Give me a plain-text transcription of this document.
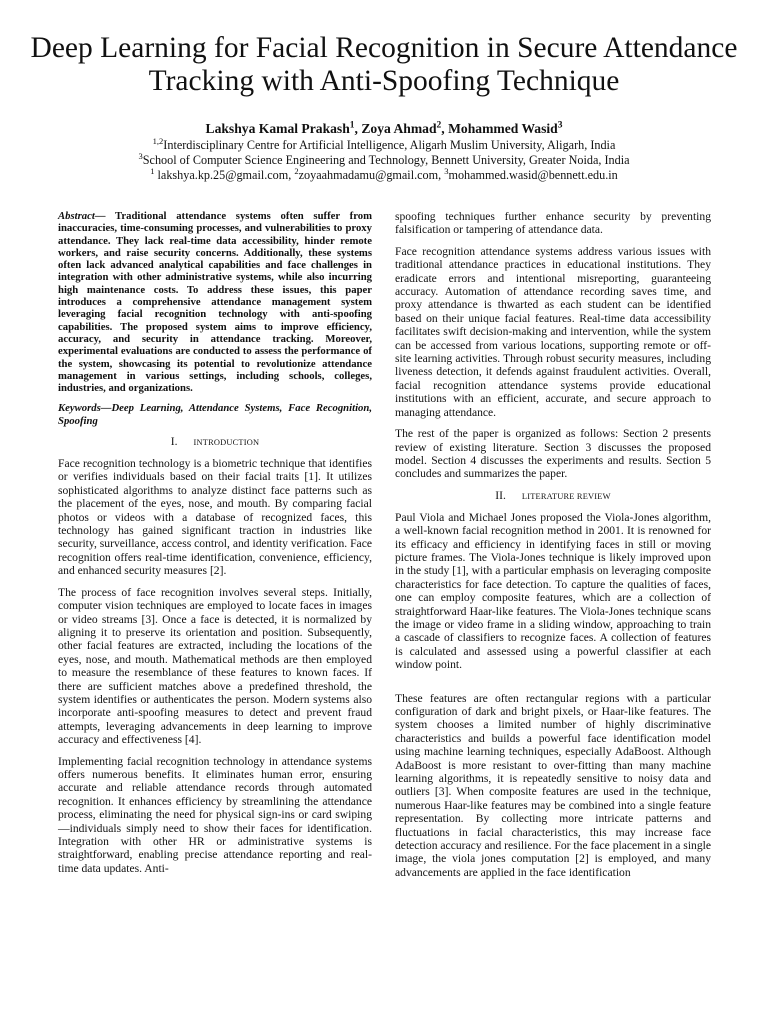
Deep Learning for Facial Recognition in Secure Attendance Tracking with Anti-Spoofing Technique
Lakshya Kamal Prakash$^1$, Zoya Ahmad$^2$, Mohammed Wasid$^3$
$^{1,2}$Interdisciplinary Centre for Artificial Intelligence, Aligarh Muslim University, Aligarh, India
$^3$School of Computer Science Engineering and Technology, Bennett University, Greater Noida, India
$^1$ lakshya.kp.25@gmail.com, $^2$zoyaahmadamu@gmail.com, $^3$mohammed.wasid@bennett.edu.in

Abstract— Traditional attendance systems often suffer from inaccuracies, time-consuming processes, and vulnerabilities to proxy attendance. They lack real-time data accessibility, hinder remote workers, and raise security concerns. Additionally, these systems often lack advanced analytical capabilities and face challenges in integration with other administrative systems, while also incurring high maintenance costs. To address these issues, this paper introduces a comprehensive attendance management system leveraging facial recognition technology with anti-spoofing capabilities. The proposed system aims to improve efficiency, accuracy, and security in attendance tracking. Moreover, experimental evaluations are conducted to assess the performance of the system, showcasing its potential to revolutionize attendance management in various settings, including schools, colleges, industries, and organizations.

Keywords—Deep Learning, Attendance Systems, Face Recognition, Spoofing

I. INTRODUCTION

Face recognition technology is a biometric technique that identifies or verifies individuals based on their facial traits [1]. It utilizes sophisticated algorithms to analyze distinct face patterns such as the placement of the eyes, nose, and mouth. By comparing facial photos or videos with a database of recognized faces, this technology has gained significant traction in industries like security, surveillance, access control, and identity verification. Face recognition offers real-time identification, convenience, efficiency, and enhanced security measures [2].

The process of face recognition involves several steps. Initially, computer vision techniques are employed to locate faces in images or video streams [3]. Once a face is detected, it is normalized by aligning it to preserve its orientation and position. Subsequently, other facial features are extracted, including the locations of the eyes, nose, and mouth. Mathematical methods are then employed to measure the resemblance of these features to known faces. If there are sufficient matches above a predefined threshold, the system identifies or authenticates the person. Modern systems also incorporate anti-spoofing measures to detect and prevent fraud attempts, leveraging advancements in deep learning to improve accuracy and effectiveness [4].

Implementing facial recognition technology in attendance systems offers numerous benefits. It eliminates human error, ensuring accurate and reliable attendance records through automated recognition. It enhances efficiency by streamlining the attendance process, eliminating the need for physical sign-ins or card swiping—individuals simply need to show their faces for identification. Integration with other HR or administrative systems is straightforward, enabling precise attendance reporting and real-time data updates. Anti-

spoofing techniques further enhance security by preventing falsification or tampering of attendance data.

Face recognition attendance systems address various issues with traditional attendance practices in educational institutions. They eradicate errors and intentional misreporting, guaranteeing accuracy. Automation of attendance recording saves time, and proxy attendance is thwarted as each student can be identified based on their unique facial features. Real-time data accessibility facilitates swift decision-making and intervention, while the system can be accessed from various locations, supporting remote or off-site learning activities. Through robust security measures, including liveness detection, it defends against fraudulent activities. Overall, facial recognition attendance systems provide educational institutions with an efficient, accurate, and secure approach to managing attendance.

The rest of the paper is organized as follows: Section 2 presents review of existing literature. Section 3 discusses the proposed model. Section 4 discusses the experiments and results. Section 5 concludes and summarizes the paper.

II. LITERATURE REVIEW

Paul Viola and Michael Jones proposed the Viola-Jones algorithm, a well-known facial recognition method in 2001. It is renowned for its efficacy and efficiency in identifying faces in still or moving picture frames. The Viola-Jones technique is likely improved upon in the study [1], with a particular emphasis on leveraging composite characteristics for face detection. To capture the qualities of faces, one can employ composite features, which are a collection of straightforward Haar-like features. The Viola-Jones technique scans the image or video frame in a sliding window, approaching to train a cascade of classifiers to recognize faces. A collection of features is calculated and assessed using a powerful classifier at each window point.

These features are often rectangular regions with a particular configuration of dark and bright pixels, or Haar-like features. The system chooses a limited number of highly discriminative characteristics and builds a powerful face identification model using machine learning techniques, especially AdaBoost. Although AdaBoost is more resistant to over-fitting than many machine learning algorithms, it is repeatedly sensitive to noisy data and outliers [3]. When composite features are used in the technique, numerous Haar-like features may be combined into a single feature representation. By collecting more intricate patterns and fluctuations in facial characteristics, this may increase face detection accuracy and resilience. For the face placement in a single image, the viola jones computation [2] is employed, and many advancements are applied in the face identification
